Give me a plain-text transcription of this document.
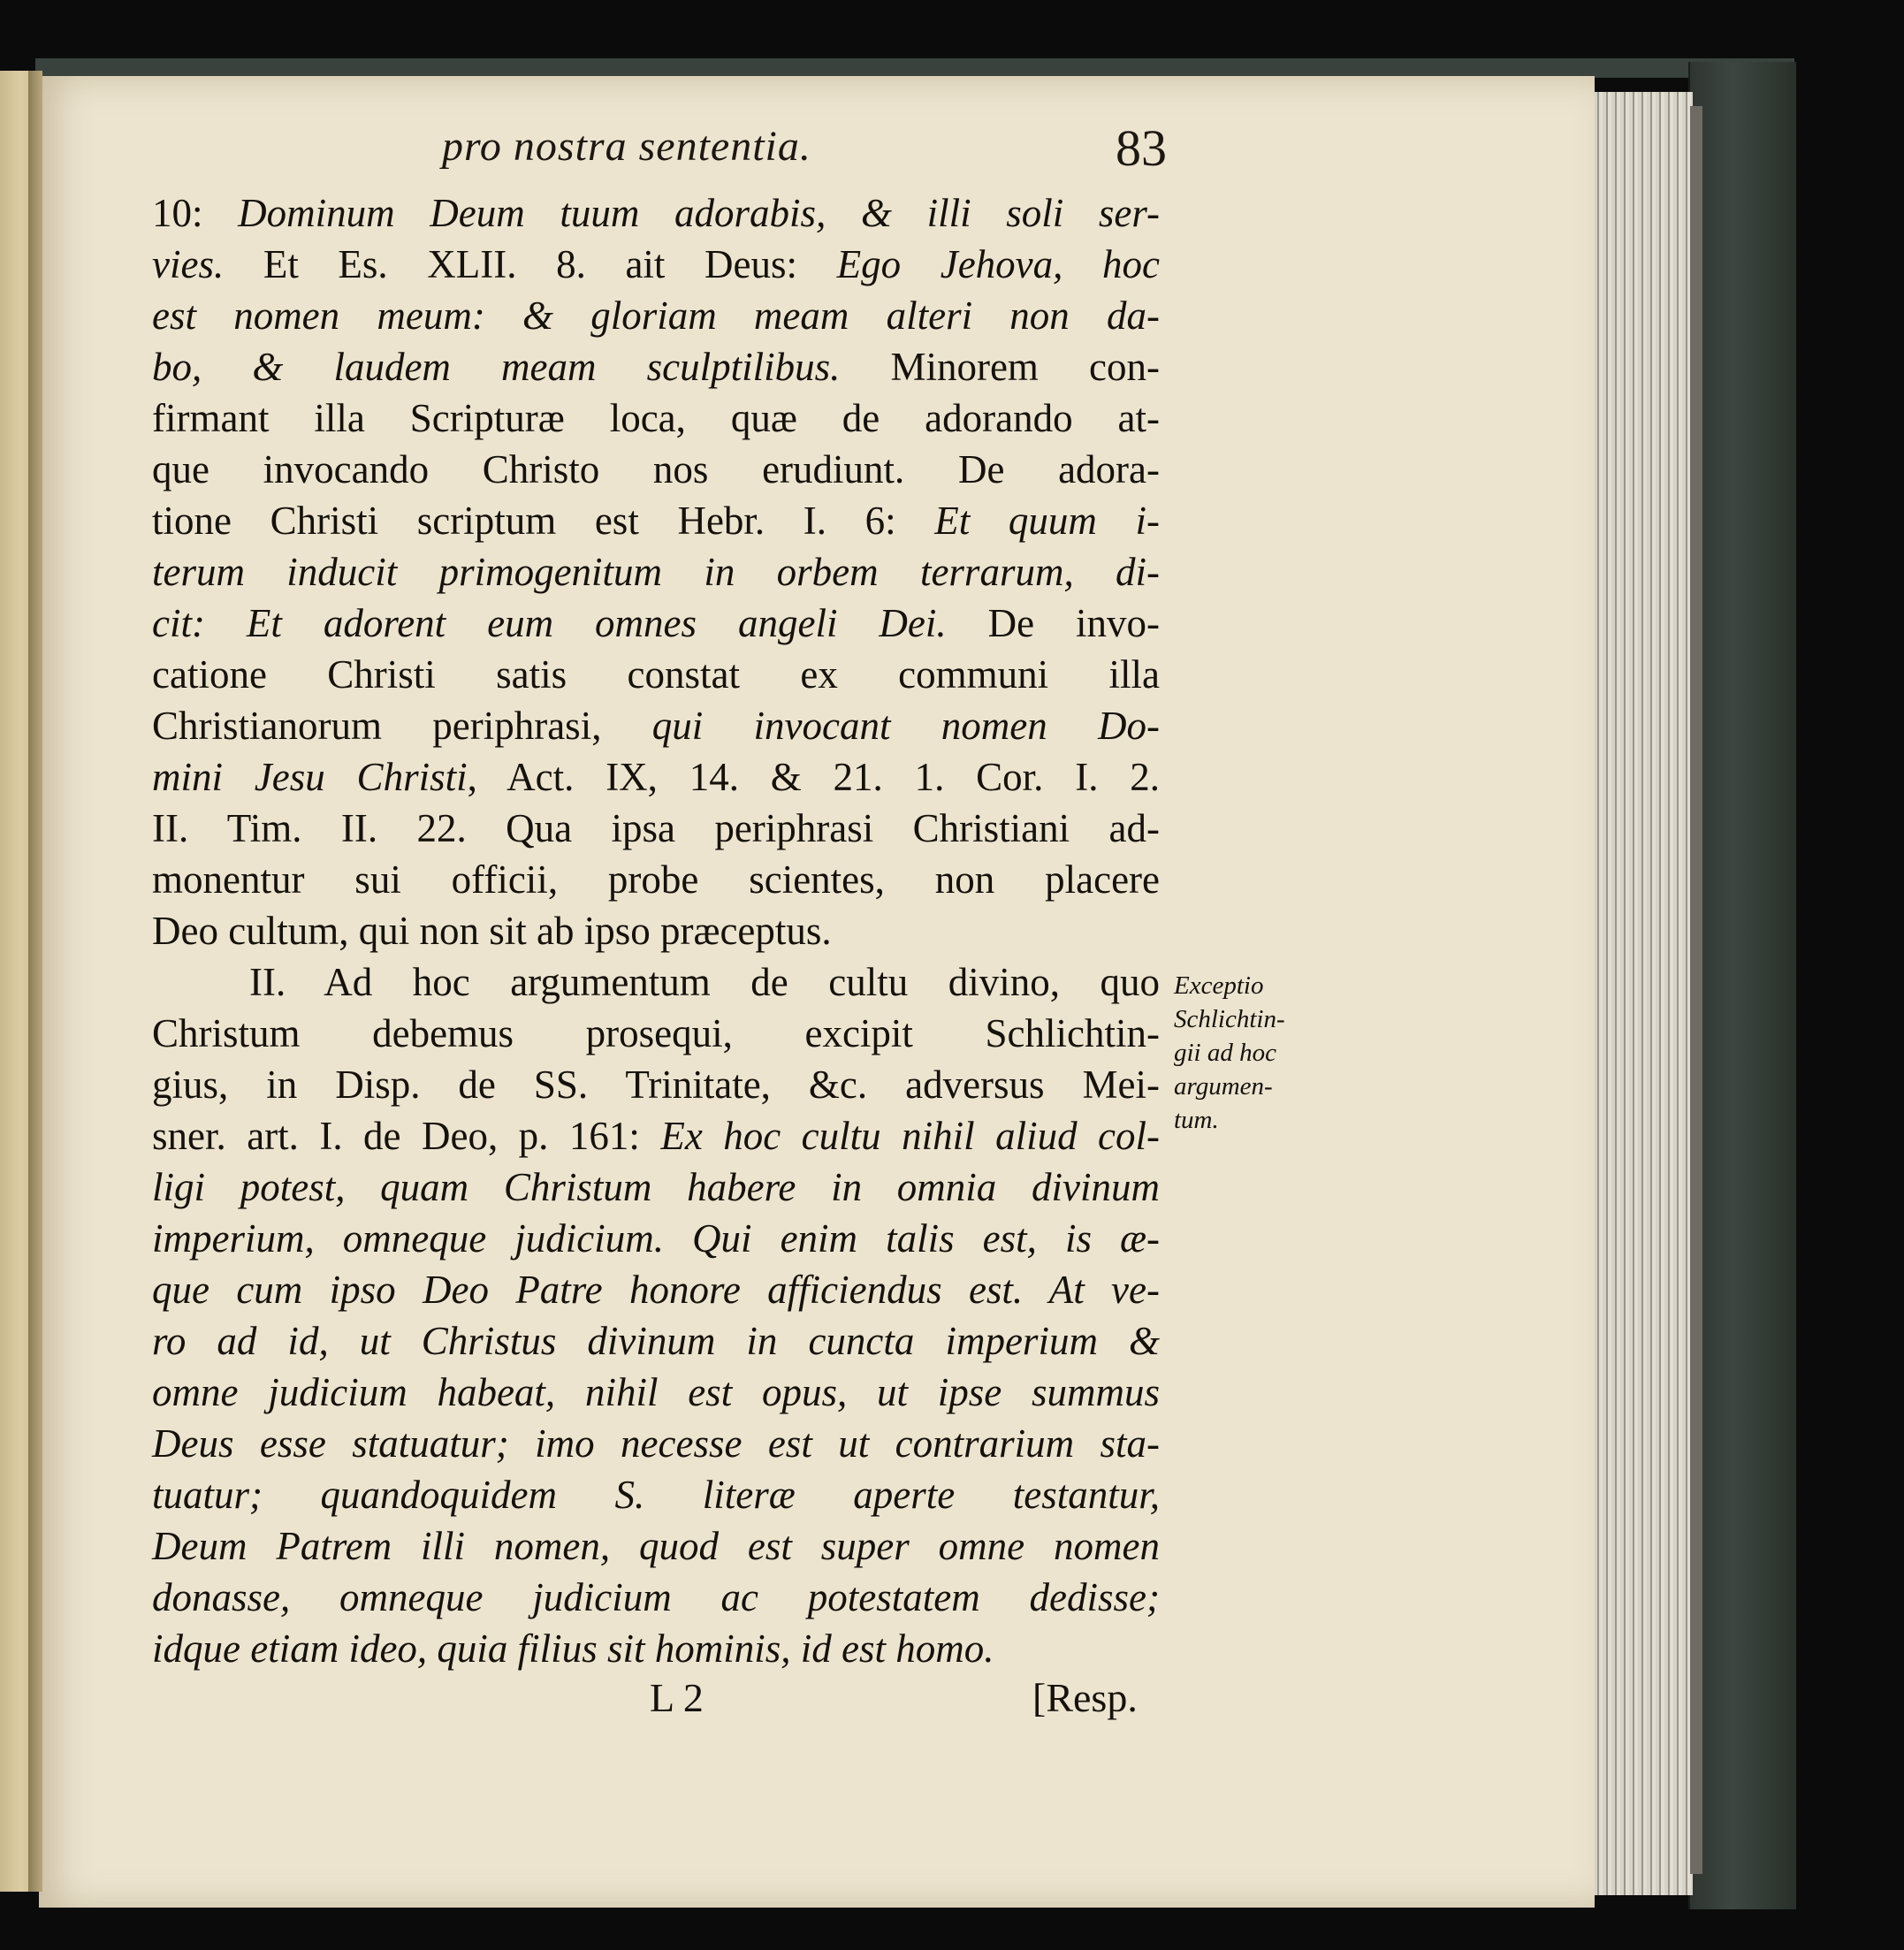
pro nostra sententia.	83
10: Dominum Deum tuum adorabis, & illi soli ser-
vies. Et Es. XLII. 8. ait Deus: Ego Jehova, hoc
est nomen meum: & gloriam meam alteri non da-
bo, & laudem meam sculptilibus. Minorem con-
firmant illa Scripturæ loca, quæ de adorando at-
que invocando Christo nos erudiunt. De adora-
tione Christi scriptum est Hebr. I. 6: Et quum i-
terum inducit primogenitum in orbem terrarum, di-
cit: Et adorent eum omnes angeli Dei. De invo-
catione Christi satis constat ex communi illa
Christianorum periphrasi, qui invocant nomen Do-
mini Jesu Christi, Act. IX, 14. & 21. 1. Cor. I. 2.
II. Tim. II. 22. Qua ipsa periphrasi Christiani ad-
monentur sui officii, probe scientes, non placere
Deo cultum, qui non sit ab ipso præceptus.
II. Ad hoc argumentum de cultu divino, quo
Christum debemus prosequi, excipit Schlichtin-
gius, in Disp. de SS. Trinitate, &c. adversus Mei-
sner. art. I. de Deo, p. 161: Ex hoc cultu nihil aliud col-
ligi potest, quam Christum habere in omnia divinum
imperium, omneque judicium. Qui enim talis est, is æ-
que cum ipso Deo Patre honore afficiendus est. At ve-
ro ad id, ut Christus divinum in cuncta imperium &
omne judicium habeat, nihil est opus, ut ipse summus
Deus esse statuatur; imo necesse est ut contrarium sta-
tuatur; quandoquidem S. literæ aperte testantur,
Deum Patrem illi nomen, quod est super omne nomen
donasse, omneque judicium ac potestatem dedisse;
idque etiam ideo, quia filius sit hominis, id est homo.
Exceptio
Schlichtin-
gii ad hoc
argumen-
tum.
L 2	[Resp.
